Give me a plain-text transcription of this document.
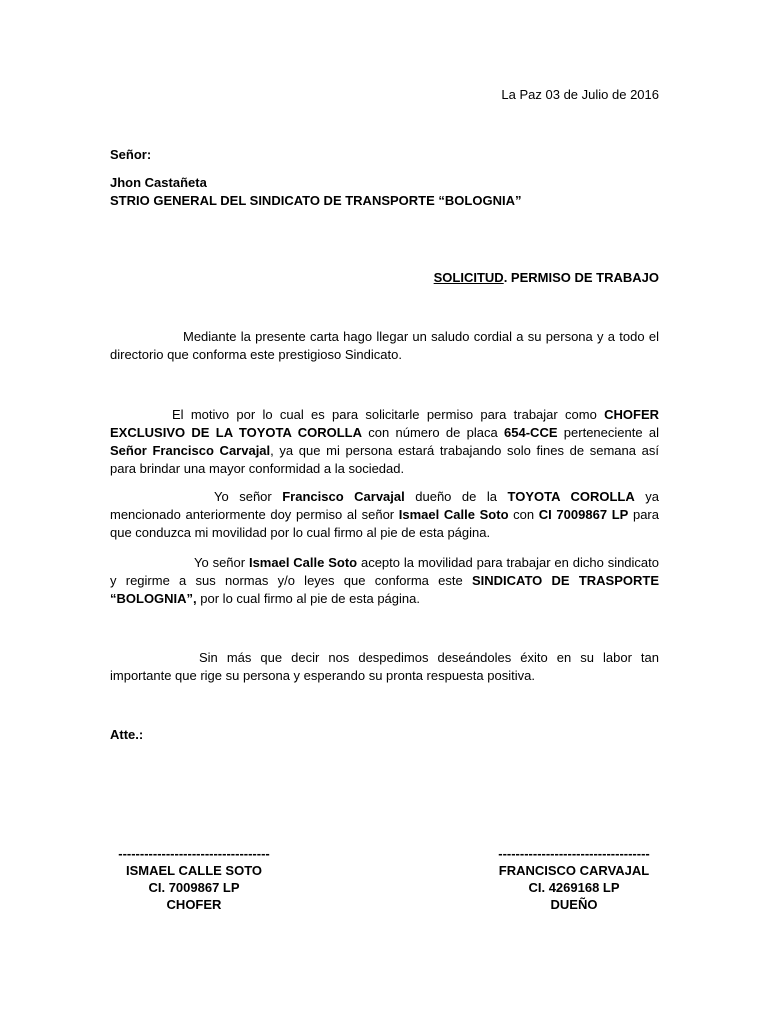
La Paz 03 de Julio de 2016
Señor:
Jhon Castañeta
STRIO GENERAL DEL SINDICATO DE TRANSPORTE “BOLOGNIA”
SOLICITUD. PERMISO DE TRABAJO
Mediante la presente carta hago llegar un saludo cordial a su persona y a todo el directorio que conforma este prestigioso Sindicato.
El motivo por lo cual es para solicitarle permiso para trabajar como CHOFER EXCLUSIVO DE LA TOYOTA COROLLA con número de placa 654-CCE perteneciente al Señor Francisco Carvajal, ya que mi persona estará trabajando solo fines de semana así para brindar una mayor conformidad a la sociedad.
Yo señor Francisco Carvajal dueño de la TOYOTA COROLLA ya mencionado anteriormente doy permiso al señor Ismael Calle Soto con CI 7009867 LP para que conduzca mi movilidad por lo cual firmo al pie de esta página.
Yo señor Ismael Calle Soto acepto la movilidad para trabajar en dicho sindicato y regirme a sus normas y/o leyes que conforma este SINDICATO DE TRASPORTE “BOLOGNIA”, por lo cual firmo al pie de esta página.
Sin más que decir nos despedimos deseándoles éxito en su labor tan importante que rige su persona y esperando su pronta respuesta positiva.
Atte.:
-----------------------------------
ISMAEL CALLE SOTO
CI. 7009867 LP
CHOFER
-----------------------------------
FRANCISCO CARVAJAL
CI. 4269168 LP
DUEÑO
